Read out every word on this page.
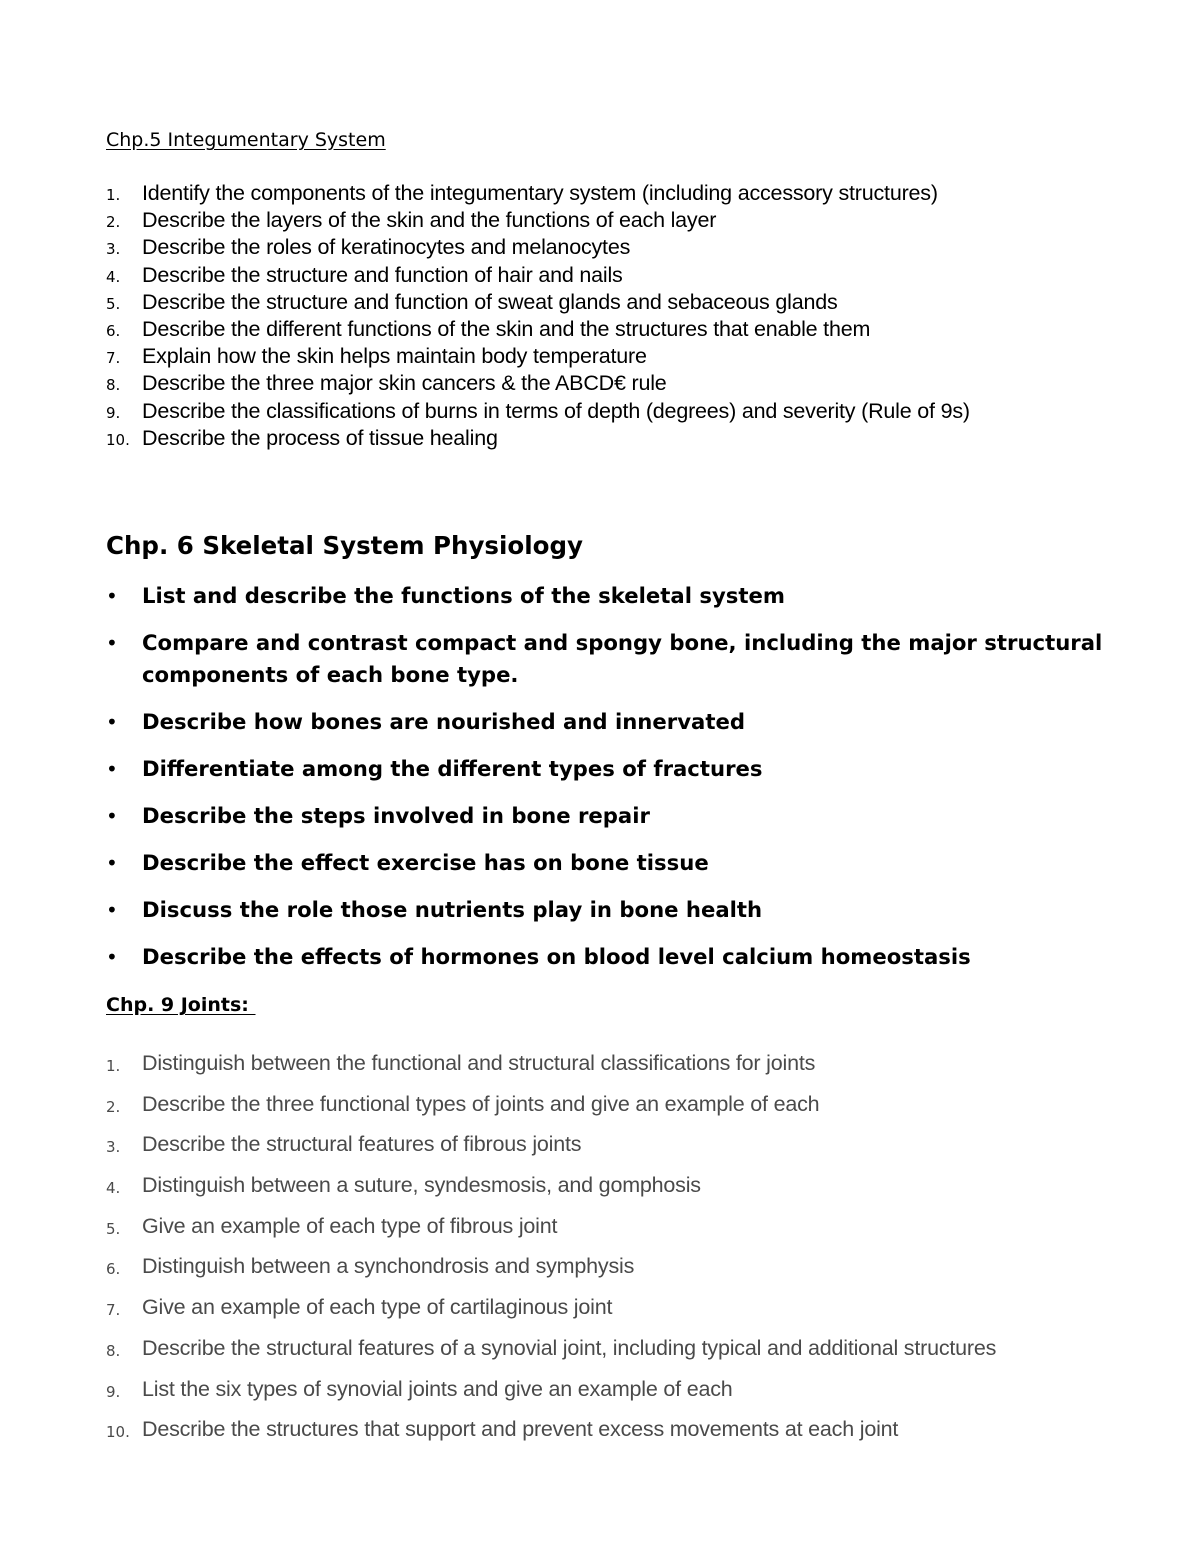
Chp.5 Integumentary System
1. Identify the components of the integumentary system (including accessory structures)
2. Describe the layers of the skin and the functions of each layer
3. Describe the roles of keratinocytes and melanocytes
4. Describe the structure and function of hair and nails
5. Describe the structure and function of sweat glands and sebaceous glands
6. Describe the different functions of the skin and the structures that enable them
7. Explain how the skin helps maintain body temperature
8. Describe the three major skin cancers & the ABCD€ rule
9. Describe the classifications of burns in terms of depth (degrees) and severity (Rule of 9s)
10. Describe the process of tissue healing
Chp. 6 Skeletal System Physiology
• List and describe the functions of the skeletal system
• Compare and contrast compact and spongy bone, including the major structural components of each bone type.
• Describe how bones are nourished and innervated
• Differentiate among the different types of fractures
• Describe the steps involved in bone repair
• Describe the effect exercise has on bone tissue
• Discuss the role those nutrients play in bone health
• Describe the effects of hormones on blood level calcium homeostasis
Chp. 9 Joints:
1. Distinguish between the functional and structural classifications for joints
2. Describe the three functional types of joints and give an example of each
3. Describe the structural features of fibrous joints
4. Distinguish between a suture, syndesmosis, and gomphosis
5. Give an example of each type of fibrous joint
6. Distinguish between a synchondrosis and symphysis
7. Give an example of each type of cartilaginous joint
8. Describe the structural features of a synovial joint, including typical and additional structures
9. List the six types of synovial joints and give an example of each
10. Describe the structures that support and prevent excess movements at each joint
